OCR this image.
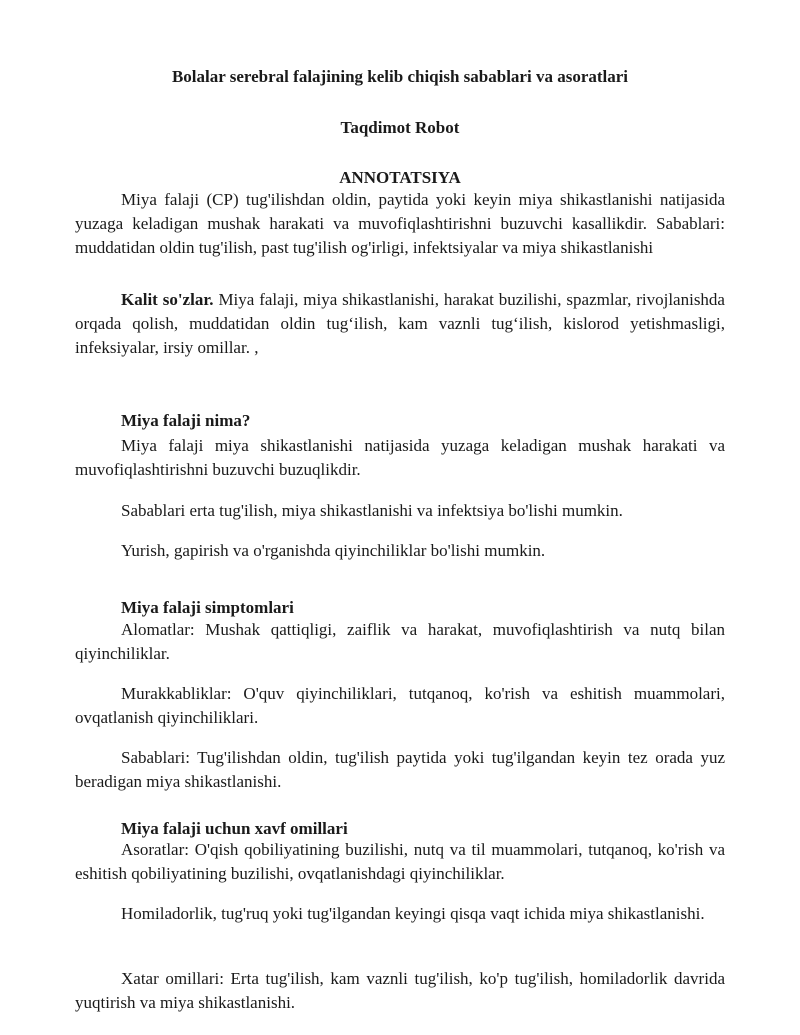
Bolalar serebral falajining kelib chiqish sabablari va asoratlari
Taqdimot Robot
ANNOTATSIYA

Miya falaji (CP) tug'ilishdan oldin, paytida yoki keyin miya shikastlanishi natijasida yuzaga keladigan mushak harakati va muvofiqlashtirishni buzuvchi kasallikdir. Sabablari: muddatidan oldin tug'ilish, past tug'ilish og'irligi, infektsiyalar va miya shikastlanishi

Kalit so'zlar. Miya falaji, miya shikastlanishi, harakat buzilishi, spazmlar, rivojlanishda orqada qolish, muddatidan oldin tug‘ilish, kam vaznli tug‘ilish, kislorod yetishmasligi, infeksiyalar, irsiy omillar. ,

Miya falaji nima?

Miya falaji miya shikastlanishi natijasida yuzaga keladigan mushak harakati va muvofiqlashtirishni buzuvchi buzuqlikdir.

Sabablari erta tug'ilish, miya shikastlanishi va infektsiya bo'lishi mumkin.

Yurish, gapirish va o'rganishda qiyinchiliklar bo'lishi mumkin.

Miya falaji simptomlari

Alomatlar: Mushak qattiqligi, zaiflik va harakat, muvofiqlashtirish va nutq bilan qiyinchiliklar.

Murakkabliklar: O'quv qiyinchiliklari, tutqanoq, ko'rish va eshitish muammolari, ovqatlanish qiyinchiliklari.

Sabablari: Tug'ilishdan oldin, tug'ilish paytida yoki tug'ilgandan keyin tez orada yuz beradigan miya shikastlanishi.

Miya falaji uchun xavf omillari

Asoratlar: O'qish qobiliyatining buzilishi, nutq va til muammolari, tutqanoq, ko'rish va eshitish qobiliyatining buzilishi, ovqatlanishdagi qiyinchiliklar.

Homiladorlik, tug'ruq yoki tug'ilgandan keyingi qisqa vaqt ichida miya shikastlanishi.

Xatar omillari: Erta tug'ilish, kam vaznli tug'ilish, ko'p tug'ilish, homiladorlik davrida yuqtirish va miya shikastlanishi.
